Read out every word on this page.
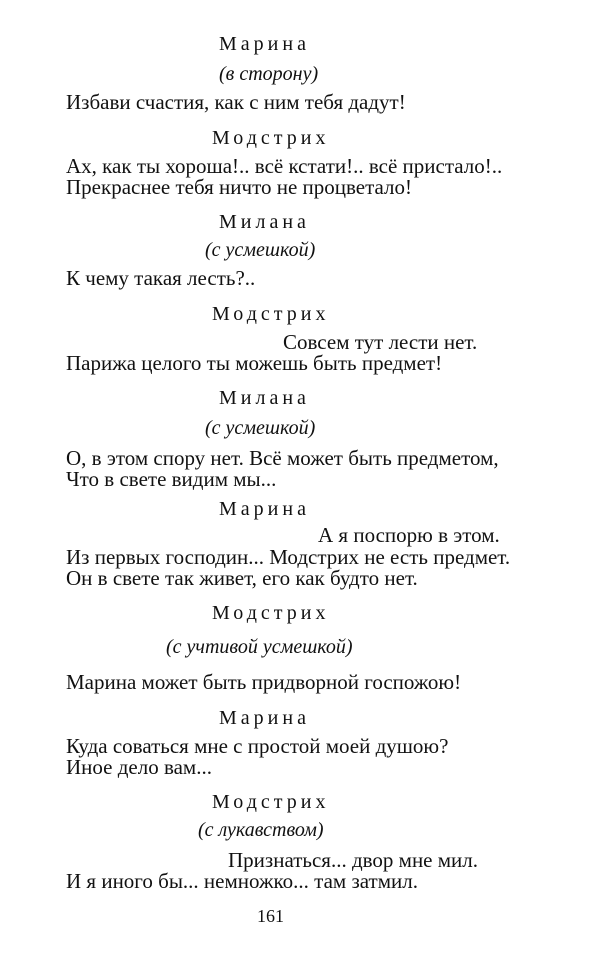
Марина
(в сторону)
Избави счастия, как с ним тебя дадут!
Модстрих
Ах, как ты хороша!.. всё кстати!.. всё пристало!..
Прекраснее тебя ничто не процветало!
Милана
(с усмешкой)
К чему такая лесть?..
Модстрих
Совсем тут лести нет.
Парижа целого ты можешь быть предмет!
Милана
(с усмешкой)
О, в этом спору нет. Всё может быть предметом,
Что в свете видим мы...
Марина
А я поспорю в этом.
Из первых господин... Модстрих не есть предмет.
Он в свете так живет, его как будто нет.
Модстрих
(с учтивой усмешкой)
Марина может быть придворной госпожою!
Марина
Куда соваться мне с простой моей душою?
Иное дело вам...
Модстрих
(с лукавством)
Признаться... двор мне мил.
И я иного бы... немножко... там затмил.
161
